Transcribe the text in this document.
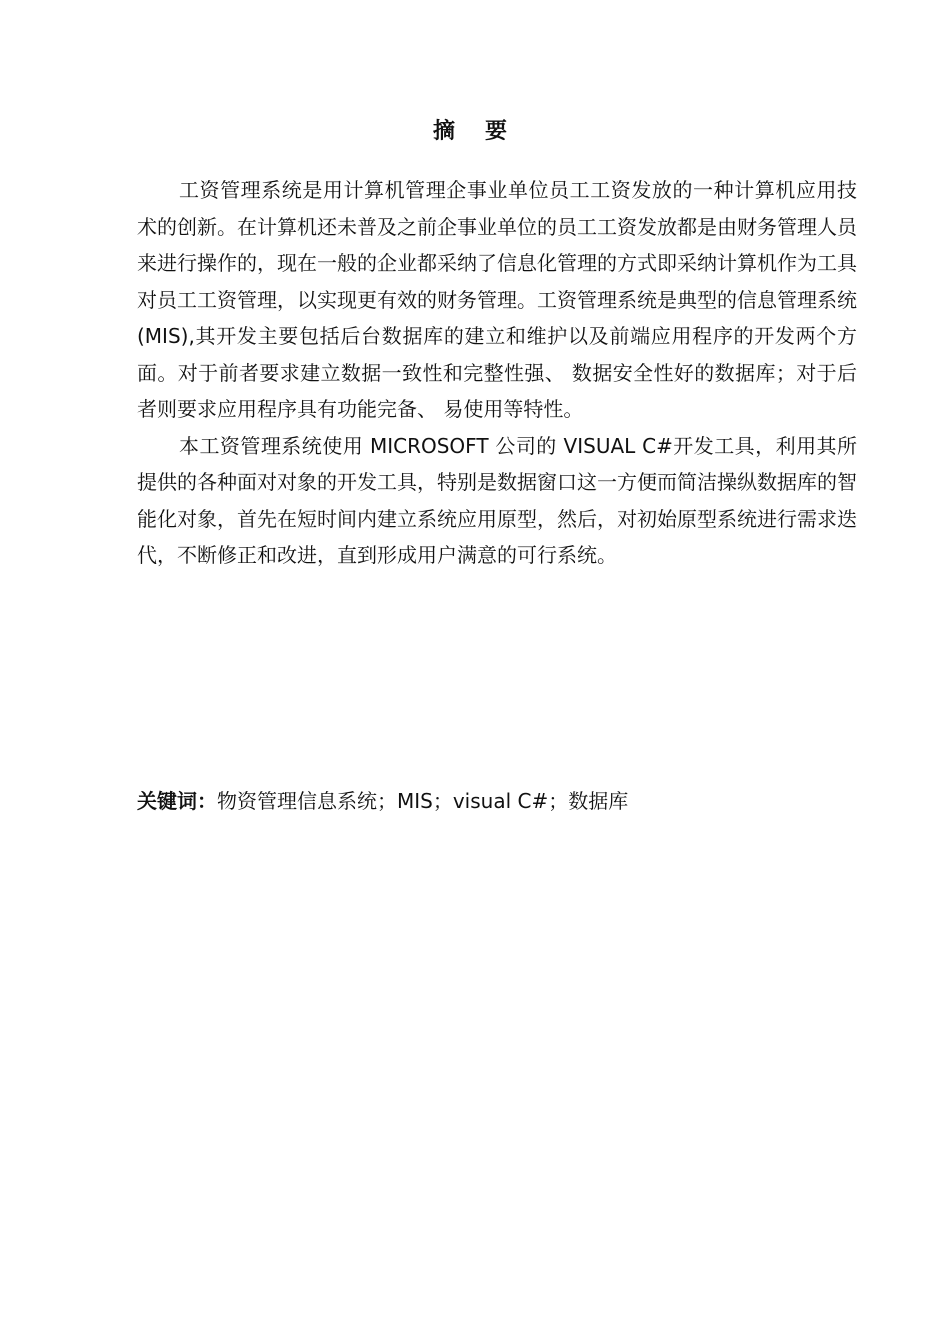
摘要

工资管理系统是用计算机管理企事业单位员工工资发放的一种计算机应用技术的创新。在计算机还未普及之前企事业单位的员工工资发放都是由财务管理人员来进行操作的，现在一般的企业都采纳了信息化管理的方式即采纳计算机作为工具对员工工资管理，以实现更有效的财务管理。工资管理系统是典型的信息管理系统(MIS),其开发主要包括后台数据库的建立和维护以及前端应用程序的开发两个方面。对于前者要求建立数据一致性和完整性强、 数据安全性好的数据库；对于后者则要求应用程序具有功能完备、 易使用等特性。

本工资管理系统使用 MICROSOFT 公司的 VISUAL C#开发工具，利用其所提供的各种面对对象的开发工具，特别是数据窗口这一方便而简洁操纵数据库的智能化对象，首先在短时间内建立系统应用原型，然后，对初始原型系统进行需求迭代，不断修正和改进，直到形成用户满意的可行系统。

关键词：物资管理信息系统；MIS；visual C#；数据库
